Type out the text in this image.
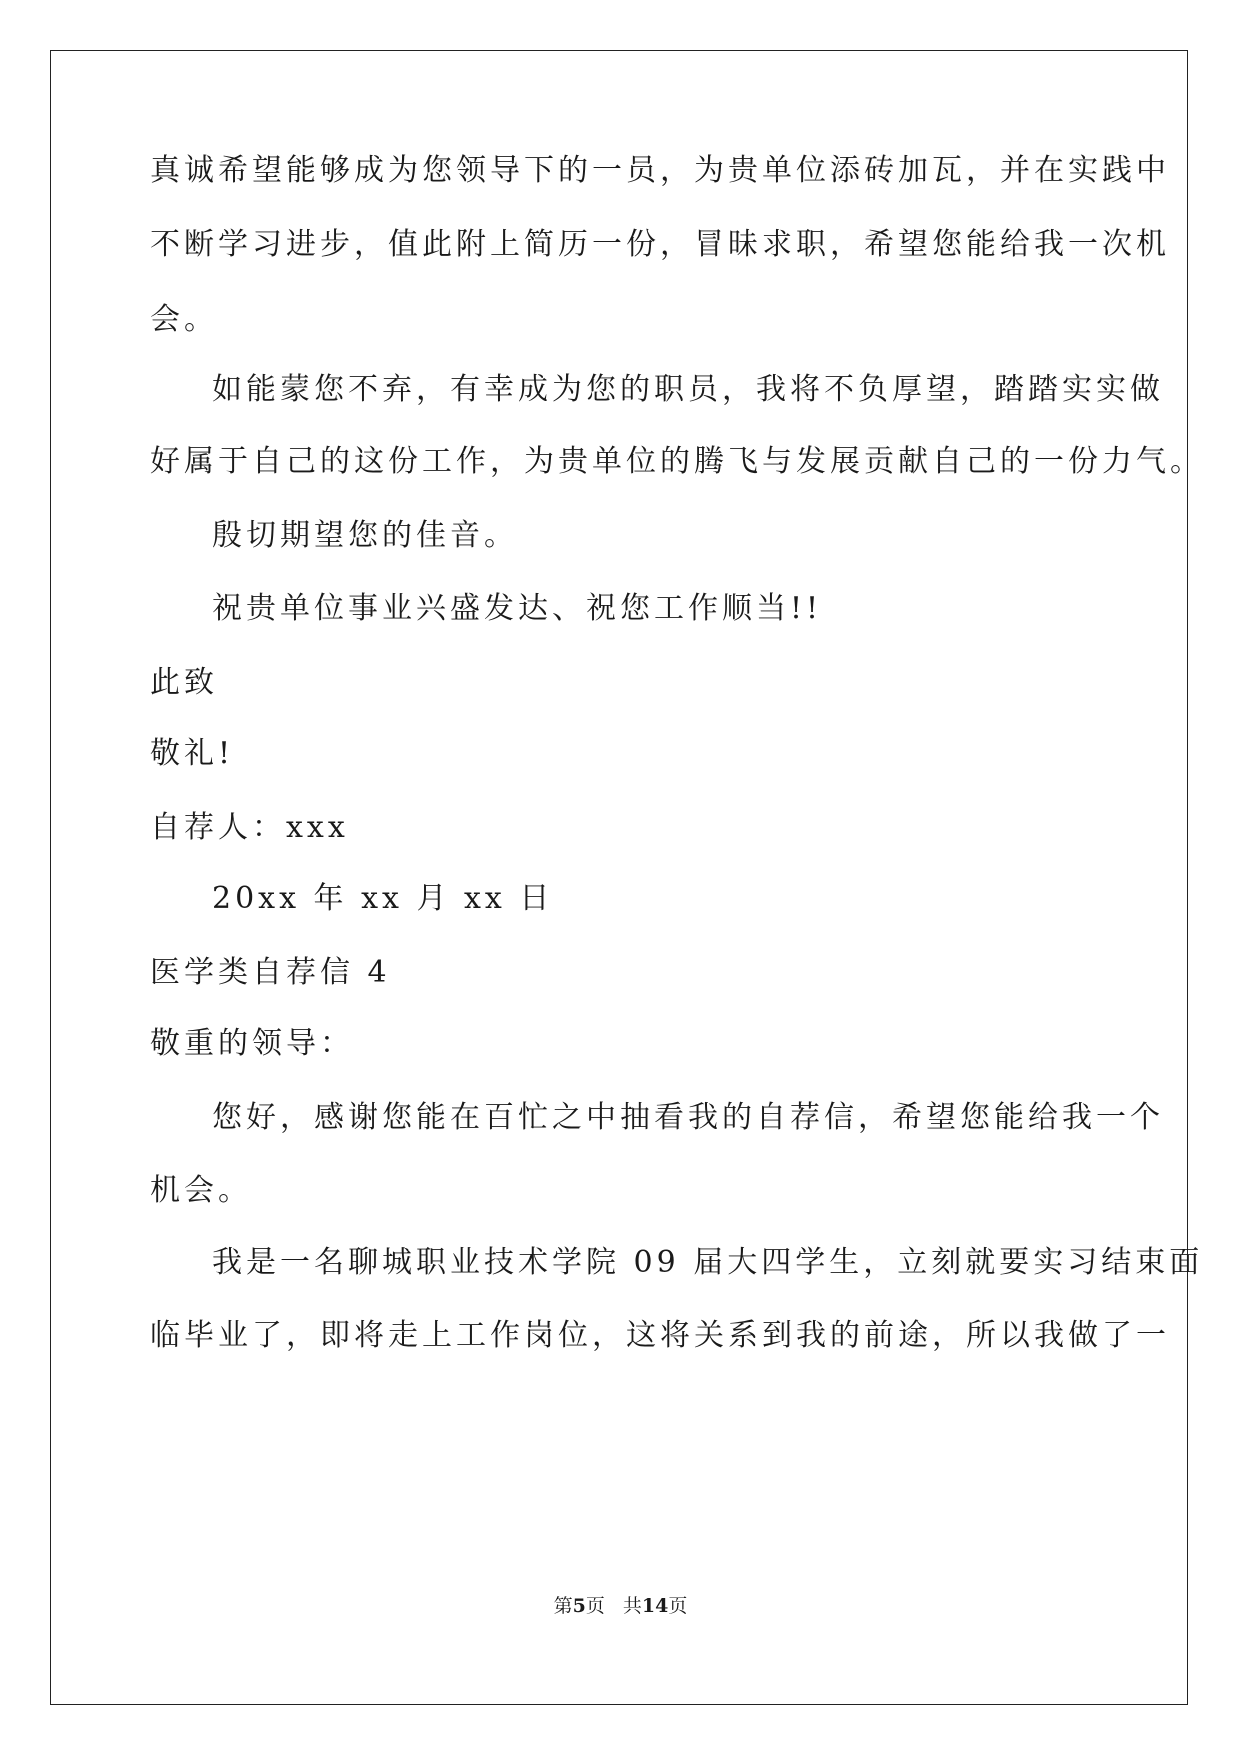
真诚希望能够成为您领导下的一员，为贵单位添砖加瓦，并在实践中
不断学习进步，值此附上简历一份，冒昧求职，希望您能给我一次机
会。
如能蒙您不弃，有幸成为您的职员，我将不负厚望，踏踏实实做
好属于自己的这份工作，为贵单位的腾飞与发展贡献自己的一份力气。
殷切期望您的佳音。
祝贵单位事业兴盛发达、祝您工作顺当!!
此致
敬礼!
自荐人：xxx
20xx 年 xx 月 xx 日
医学类自荐信 4
敬重的领导：
您好，感谢您能在百忙之中抽看我的自荐信，希望您能给我一个
机会。
我是一名聊城职业技术学院 09 届大四学生，立刻就要实习结束面
临毕业了，即将走上工作岗位，这将关系到我的前途，所以我做了一
第5页 共14页
